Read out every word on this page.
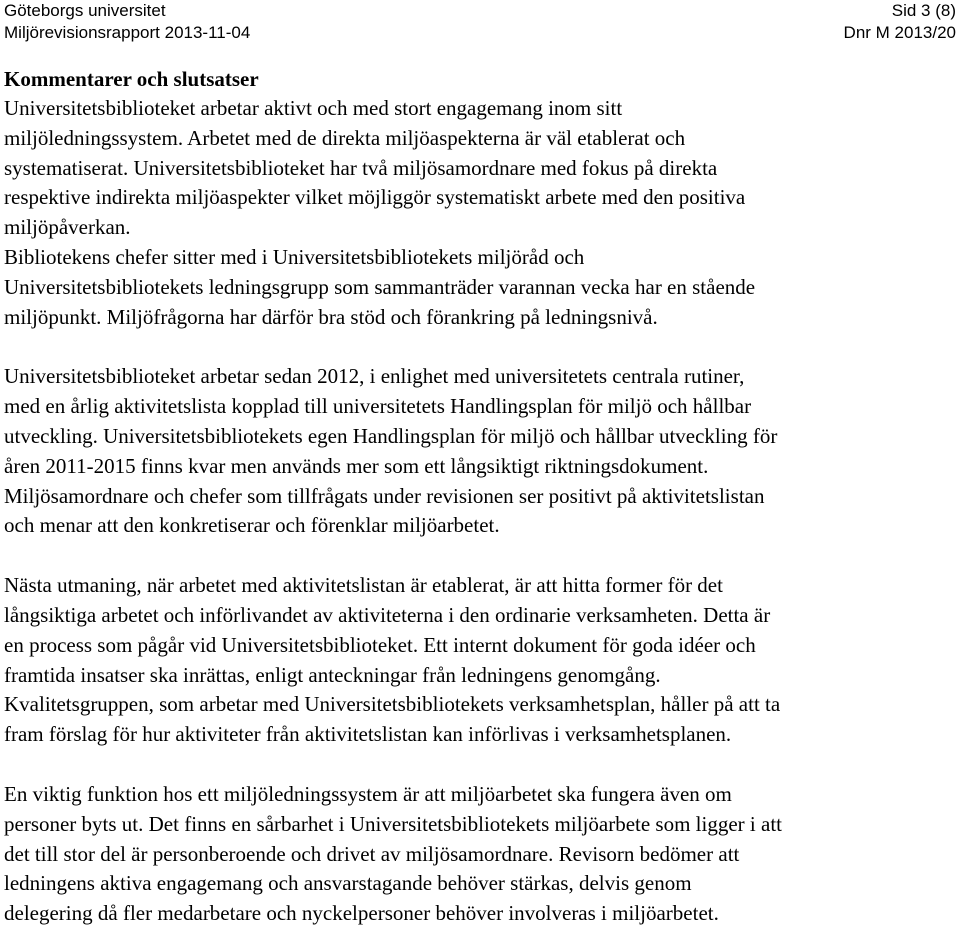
Göteborgs universitet	Sid 3 (8)
Miljörevisionsrapport 2013-11-04	Dnr M 2013/20
Kommentarer och slutsatser

Universitetsbiblioteket arbetar aktivt och med stort engagemang inom sitt
miljöledningssystem. Arbetet med de direkta miljöaspekterna är väl etablerat och
systematiserat. Universitetsbiblioteket har två miljösamordnare med fokus på direkta
respektive indirekta miljöaspekter vilket möjliggör systematiskt arbete med den positiva
miljöpåverkan.
Bibliotekens chefer sitter med i Universitetsbibliotekets miljöråd och
Universitetsbibliotekets ledningsgrupp som sammanträder varannan vecka har en stående
miljöpunkt. Miljöfrågorna har därför bra stöd och förankring på ledningsnivå.

Universitetsbiblioteket arbetar sedan 2012, i enlighet med universitetets centrala rutiner,
med en årlig aktivitetslista kopplad till universitetets Handlingsplan för miljö och hållbar
utveckling. Universitetsbibliotekets egen Handlingsplan för miljö och hållbar utveckling för
åren 2011-2015 finns kvar men används mer som ett långsiktigt riktningsdokument.
Miljösamordnare och chefer som tillfrågats under revisionen ser positivt på aktivitetslistan
och menar att den konkretiserar och förenklar miljöarbetet.

Nästa utmaning, när arbetet med aktivitetslistan är etablerat, är att hitta former för det
långsiktiga arbetet och införlivandet av aktiviteterna i den ordinarie verksamheten. Detta är
en process som pågår vid Universitetsbiblioteket. Ett internt dokument för goda idéer och
framtida insatser ska inrättas, enligt anteckningar från ledningens genomgång.
Kvalitetsgruppen, som arbetar med Universitetsbibliotekets verksamhetsplan, håller på att ta
fram förslag för hur aktiviteter från aktivitetslistan kan införlivas i verksamhetsplanen.

En viktig funktion hos ett miljöledningssystem är att miljöarbetet ska fungera även om
personer byts ut. Det finns en sårbarhet i Universitetsbibliotekets miljöarbete som ligger i att
det till stor del är personberoende och drivet av miljösamordnare. Revisorn bedömer att
ledningens aktiva engagemang och ansvarstagande behöver stärkas, delvis genom
delegering då fler medarbetare och nyckelpersoner behöver involveras i miljöarbetet.
